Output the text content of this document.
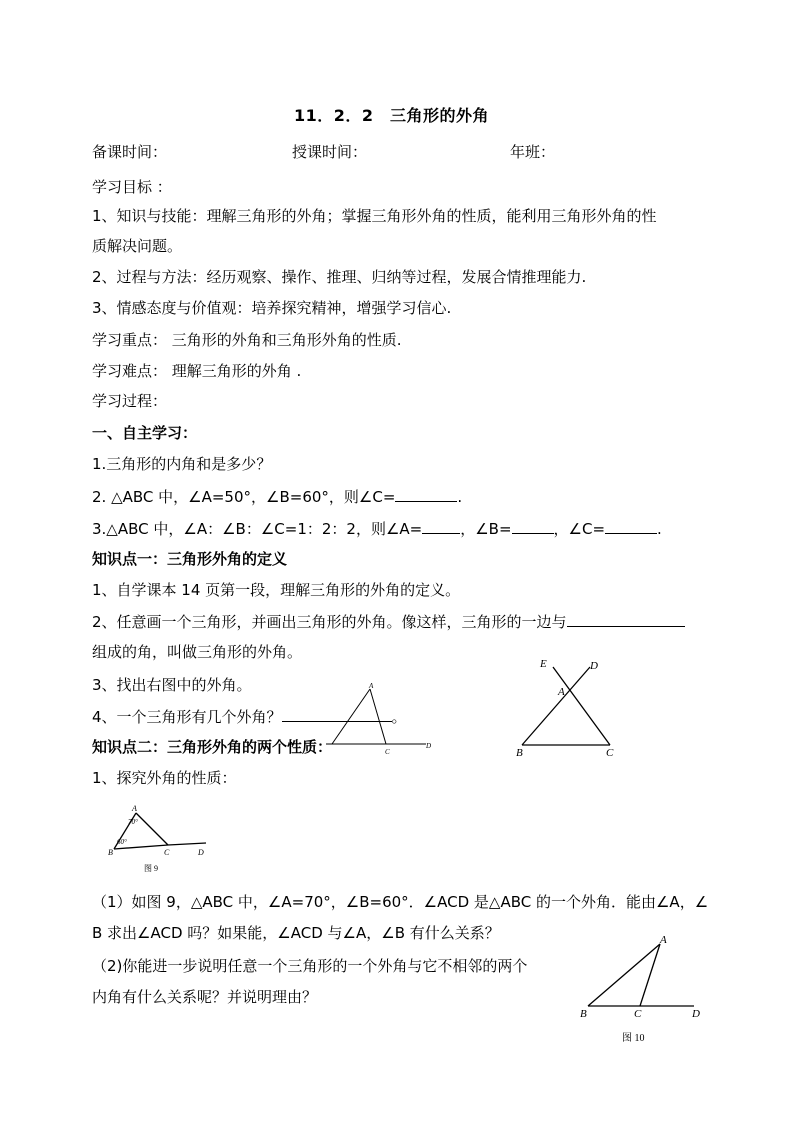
11．2．2　三角形的外角
备课时间：	授课时间：	年班：
学习目标 ：
1、知识与技能：理解三角形的外角；掌握三角形外角的性质，能利用三角形外角的性
质解决问题。
2、过程与方法：经历观察、操作、推理、归纳等过程，发展合情推理能力.
3、情感态度与价值观：培养探究精神，增强学习信心.
学习重点： 三角形的外角和三角形外角的性质.
学习难点： 理解三角形的外角 .
学习过程：
一、自主学习：
1.三角形的内角和是多少？
2. △ABC 中，∠A=50°，∠B=60°，则∠C=	.
3.△ABC 中，∠A：∠B：∠C=1：2：2，则∠A=	，∠B=	，∠C=	.
知识点一：三角形外角的定义
1、自学课本 14 页第一段，理解三角形的外角的定义。
2、任意画一个三角形，并画出三角形的外角。像这样，三角形的一边与
组成的角，叫做三角形的外角。
3、找出右图中的外角。
4、一个三角形有几个外角？	。
知识点二：三角形外角的两个性质：
1、探究外角的性质：
（1）如图 9，△ABC 中，∠A=70°，∠B=60°．∠ACD 是△ABC 的一个外角．能由∠A，∠
B 求出∠ACD 吗？如果能，∠ACD 与∠A，∠B 有什么关系？
（2)你能进一步说明任意一个三角形的一个外角与它不相邻的两个
内角有什么关系呢？并说明理由？
A
C
D
E	D
A
B	C
A
70°
B
60°
C	D
图 9
A
B	C	D
图 10
